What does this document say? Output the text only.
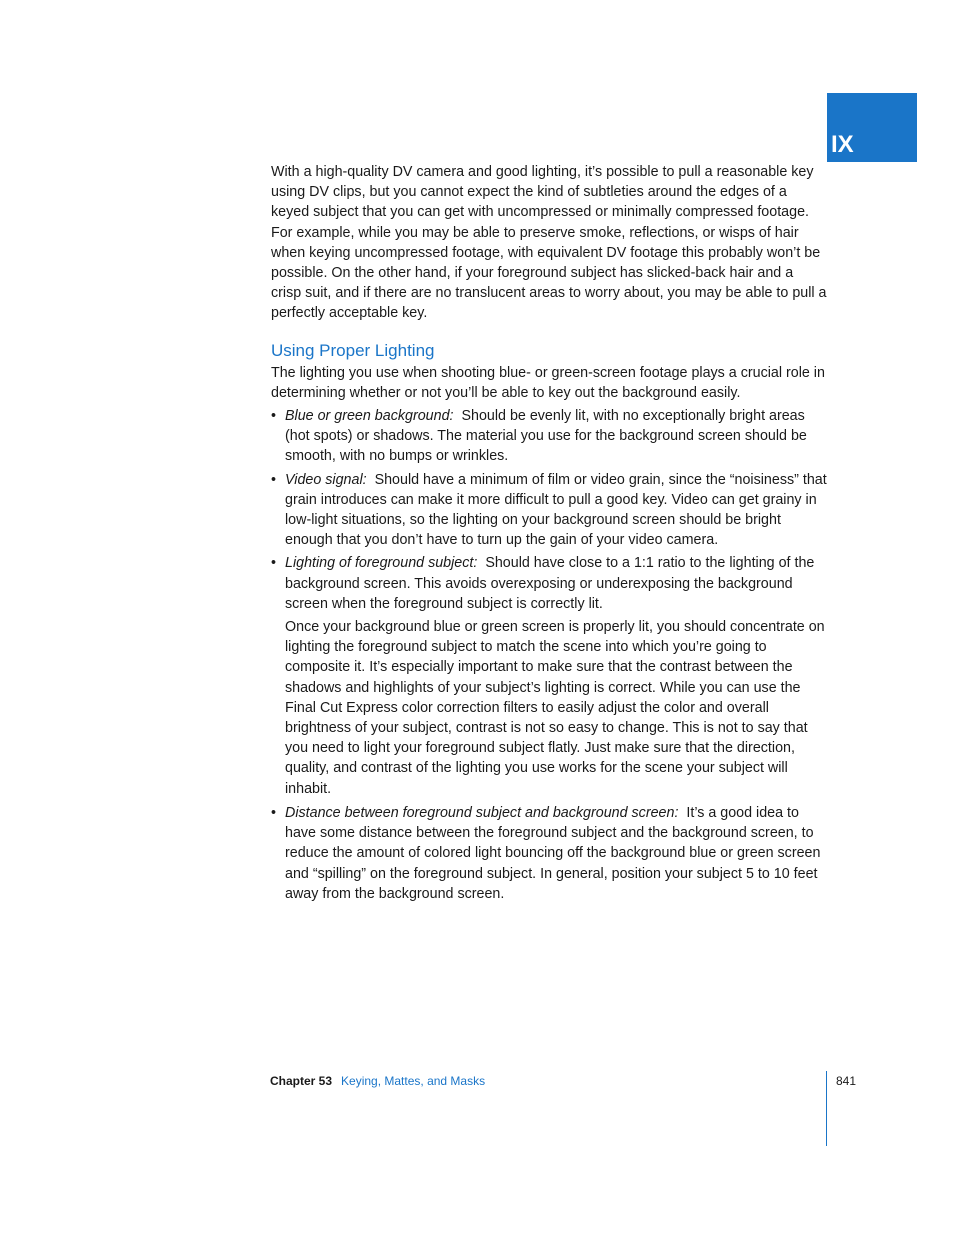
IX

With a high-quality DV camera and good lighting, it’s possible to pull a reasonable key using DV clips, but you cannot expect the kind of subtleties around the edges of a keyed subject that you can get with uncompressed or minimally compressed footage. For example, while you may be able to preserve smoke, reflections, or wisps of hair when keying uncompressed footage, with equivalent DV footage this probably won’t be possible. On the other hand, if your foreground subject has slicked-back hair and a crisp suit, and if there are no translucent areas to worry about, you may be able to pull a perfectly acceptable key.

Using Proper Lighting

The lighting you use when shooting blue- or green-screen footage plays a crucial role in determining whether or not you’ll be able to key out the background easily.

• Blue or green background: Should be evenly lit, with no exceptionally bright areas (hot spots) or shadows. The material you use for the background screen should be smooth, with no bumps or wrinkles.
• Video signal: Should have a minimum of film or video grain, since the “noisiness” that grain introduces can make it more difficult to pull a good key. Video can get grainy in low-light situations, so the lighting on your background screen should be bright enough that you don’t have to turn up the gain of your video camera.
• Lighting of foreground subject: Should have close to a 1:1 ratio to the lighting of the background screen. This avoids overexposing or underexposing the background screen when the foreground subject is correctly lit.

Once your background blue or green screen is properly lit, you should concentrate on lighting the foreground subject to match the scene into which you’re going to composite it. It’s especially important to make sure that the contrast between the shadows and highlights of your subject’s lighting is correct. While you can use the Final Cut Express color correction filters to easily adjust the color and overall brightness of your subject, contrast is not so easy to change. This is not to say that you need to light your foreground subject flatly. Just make sure that the direction, quality, and contrast of the lighting you use works for the scene your subject will inhabit.

• Distance between foreground subject and background screen: It’s a good idea to have some distance between the foreground subject and the background screen, to reduce the amount of colored light bouncing off the background blue or green screen and “spilling” on the foreground subject. In general, position your subject 5 to 10 feet away from the background screen.
Chapter 53 Keying, Mattes, and Masks	841
